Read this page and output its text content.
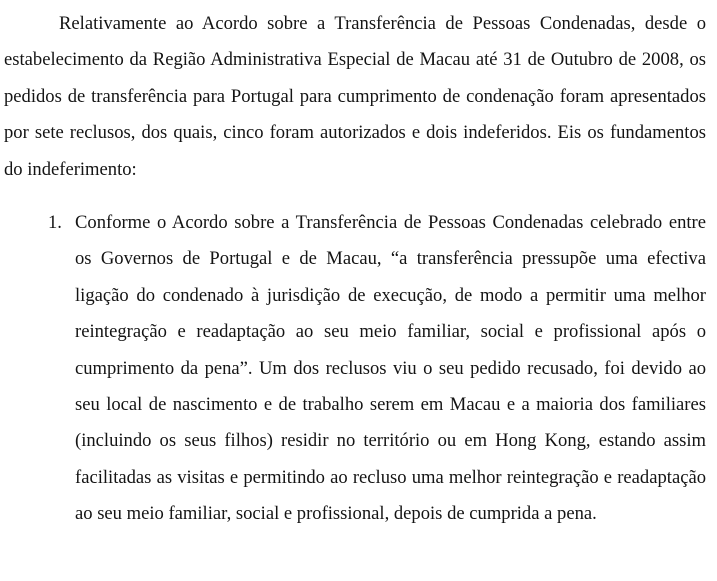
Relativamente ao Acordo sobre a Transferência de Pessoas Condenadas, desde o estabelecimento da Região Administrativa Especial de Macau até 31 de Outubro de 2008, os pedidos de transferência para Portugal para cumprimento de condenação foram apresentados por sete reclusos, dos quais, cinco foram autorizados e dois indeferidos. Eis os fundamentos do indeferimento:

1. Conforme o Acordo sobre a Transferência de Pessoas Condenadas celebrado entre os Governos de Portugal e de Macau, “a transferência pressupõe uma efectiva ligação do condenado à jurisdição de execução, de modo a permitir uma melhor reintegração e readaptação ao seu meio familiar, social e profissional após o cumprimento da pena”. Um dos reclusos viu o seu pedido recusado, foi devido ao seu local de nascimento e de trabalho serem em Macau e a maioria dos familiares (incluindo os seus filhos) residir no território ou em Hong Kong, estando assim facilitadas as visitas e permitindo ao recluso uma melhor reintegração e readaptação ao seu meio familiar, social e profissional, depois de cumprida a pena.
